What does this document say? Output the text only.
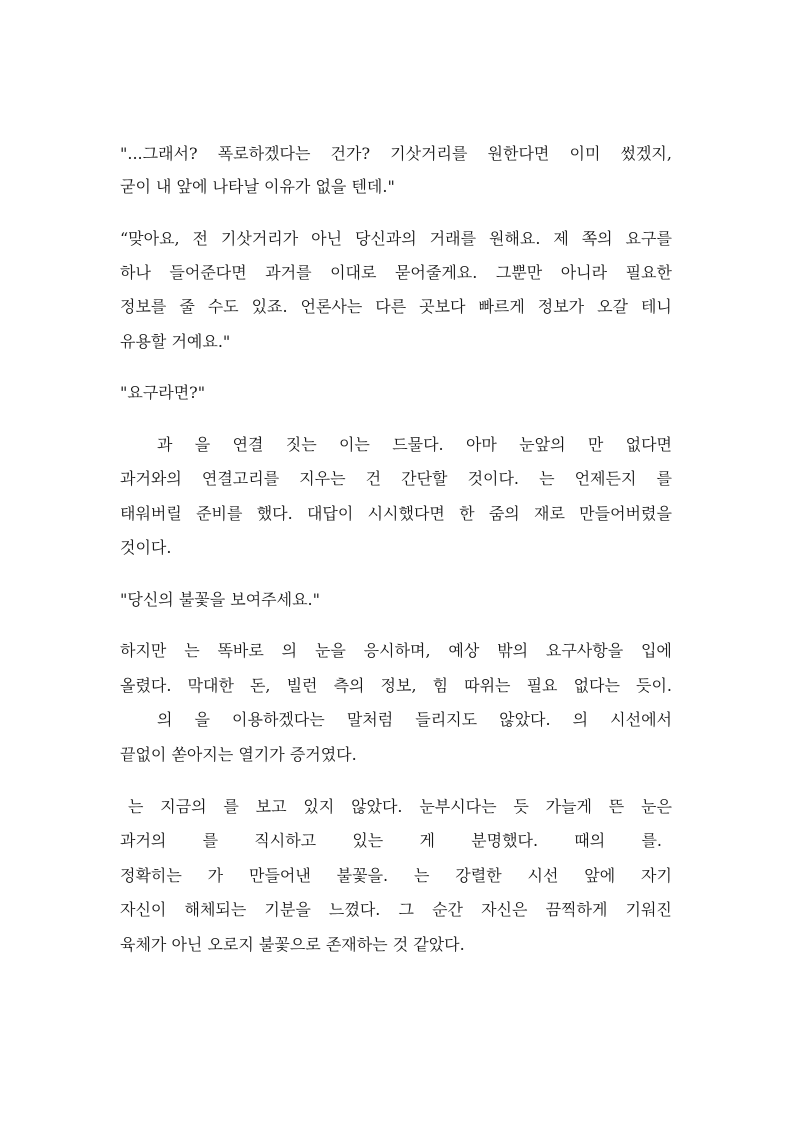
"...그래서? 폭로하겠다는 건가? 기삿거리를 원한다면 이미 썼겠지,
굳이 내 앞에 나타날 이유가 없을 텐데."
“맞아요, 전 기삿거리가 아닌 당신과의 거래를 원해요. 제 쪽의 요구를
하나 들어준다면 과거를 이대로 묻어줄게요. 그뿐만 아니라 필요한
정보를 줄 수도 있죠. 언론사는 다른 곳보다 빠르게 정보가 오갈 테니
유용할 거예요."
"요구라면?"
과 을 연결 짓는 이는 드물다. 아마 눈앞의 만 없다면
과거와의 연결고리를 지우는 건 간단할 것이다. 는 언제든지 를
태워버릴 준비를 했다. 대답이 시시했다면 한 줌의 재로 만들어버렸을
것이다.
"당신의 불꽃을 보여주세요."
하지만 는 똑바로 의 눈을 응시하며, 예상 밖의 요구사항을 입에
올렸다. 막대한 돈, 빌런 측의 정보, 힘 따위는 필요 없다는 듯이.
의 을 이용하겠다는 말처럼 들리지도 않았다. 의 시선에서
끝없이 쏟아지는 열기가 증거였다.
는 지금의 를 보고 있지 않았다. 눈부시다는 듯 가늘게 뜬 눈은
과거의 를 직시하고 있는 게 분명했다. 때의 를.
정확히는 가 만들어낸 불꽃을. 는 강렬한 시선 앞에 자기
자신이 해체되는 기분을 느꼈다. 그 순간 자신은 끔찍하게 기워진
육체가 아닌 오로지 불꽃으로 존재하는 것 같았다.
